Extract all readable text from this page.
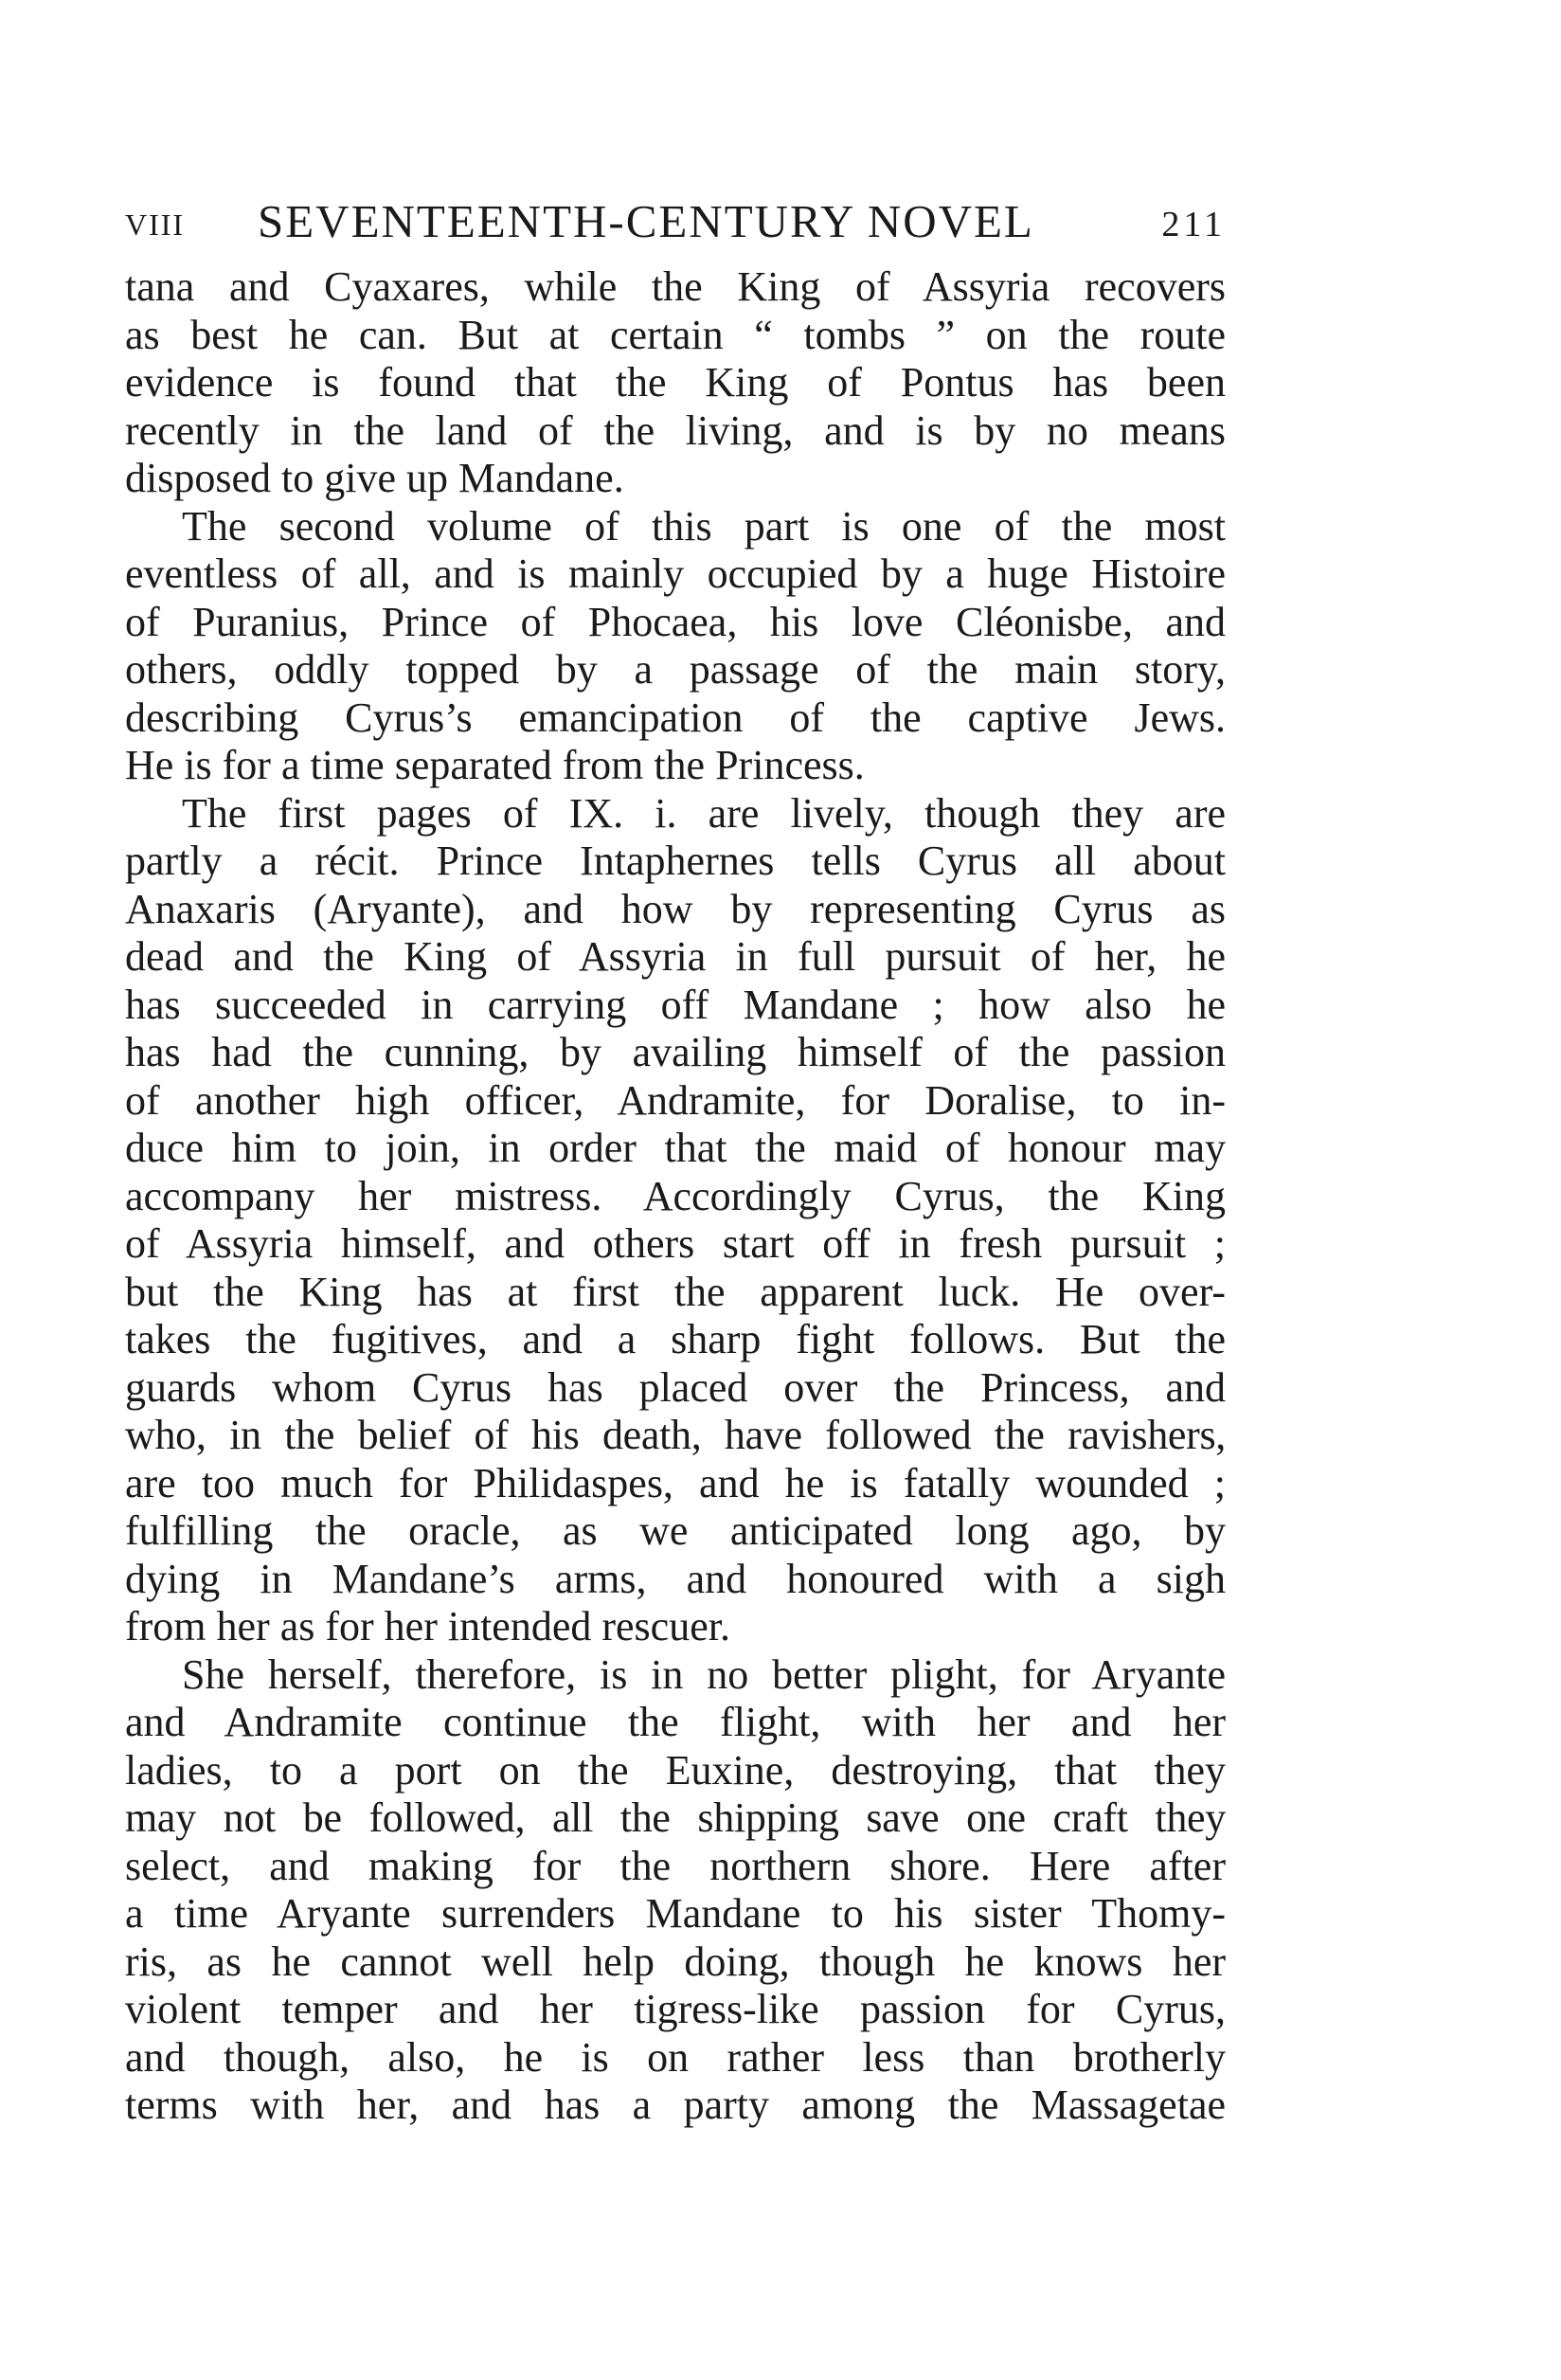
VIII SEVENTEENTH-CENTURY NOVEL	211
tana and Cyaxares, while the King of Assyria recovers
as best he can. But at certain “ tombs ” on the route
evidence is found that the King of Pontus has been
recently in the land of the living, and is by no means
disposed to give up Mandane.
The second volume of this part is one of the most
eventless of all, and is mainly occupied by a huge Histoire
of Puranius, Prince of Phocaea, his love Cléonisbe, and
others, oddly topped by a passage of the main story,
describing Cyrus’s emancipation of the captive Jews.
He is for a time separated from the Princess.
The first pages of IX. i. are lively, though they are
partly a récit. Prince Intaphernes tells Cyrus all about
Anaxaris (Aryante), and how by representing Cyrus as
dead and the King of Assyria in full pursuit of her, he
has succeeded in carrying off Mandane ; how also he
has had the cunning, by availing himself of the passion
of another high officer, Andramite, for Doralise, to in-
duce him to join, in order that the maid of honour may
accompany her mistress. Accordingly Cyrus, the King
of Assyria himself, and others start off in fresh pursuit ;
but the King has at first the apparent luck. He over-
takes the fugitives, and a sharp fight follows. But the
guards whom Cyrus has placed over the Princess, and
who, in the belief of his death, have followed the ravishers,
are too much for Philidaspes, and he is fatally wounded ;
fulfilling the oracle, as we anticipated long ago, by
dying in Mandane’s arms, and honoured with a sigh
from her as for her intended rescuer.
She herself, therefore, is in no better plight, for Aryante
and Andramite continue the flight, with her and her
ladies, to a port on the Euxine, destroying, that they
may not be followed, all the shipping save one craft they
select, and making for the northern shore. Here after
a time Aryante surrenders Mandane to his sister Thomy-
ris, as he cannot well help doing, though he knows her
violent temper and her tigress-like passion for Cyrus,
and though, also, he is on rather less than brotherly
terms with her, and has a party among the Massagetae
